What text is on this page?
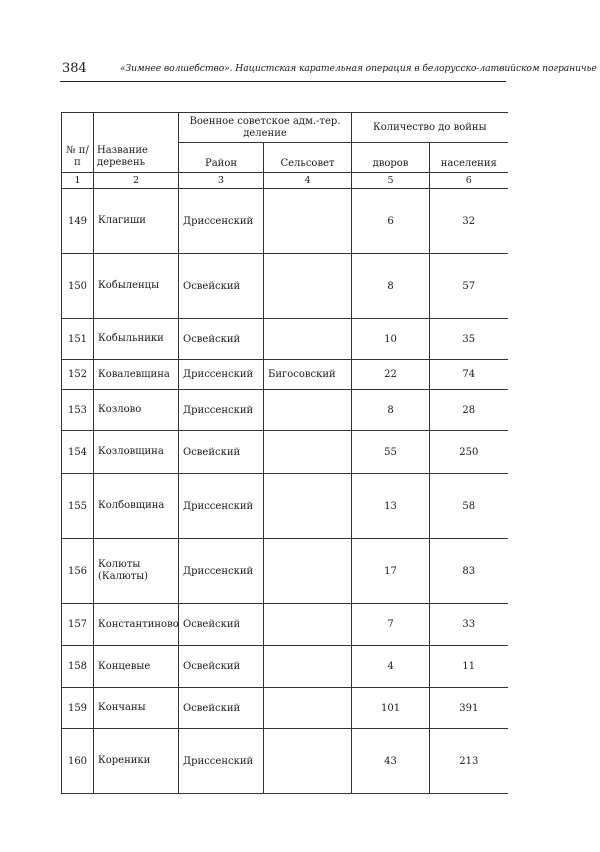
384	«Зимнее волшебство». Нацистская карательная операция в белорусско-латвийском пограничье
№ п/п	Название деревень	Военное советское адм.-тер. деление		Количество до войны	
		Район	Сельсовет	дворов	населения
1	2	3	4	5	6
149	Клагиши	Дриссенский		6	32
150	Кобыленцы	Освейский		8	57
151	Кобыльники	Освейский		10	35
152	Ковалевщина	Дриссенский	Бигосовский	22	74
153	Козлово	Дриссенский		8	28
154	Козловщина	Освейский		55	250
155	Колбовщина	Дриссенский		13	58
156	Колюты (Калюты)	Дриссенский		17	83
157	Константиново	Освейский		7	33
158	Концевые	Освейский		4	11
159	Кончаны	Освейский		101	391
160	Кореники	Дриссенский		43	213
